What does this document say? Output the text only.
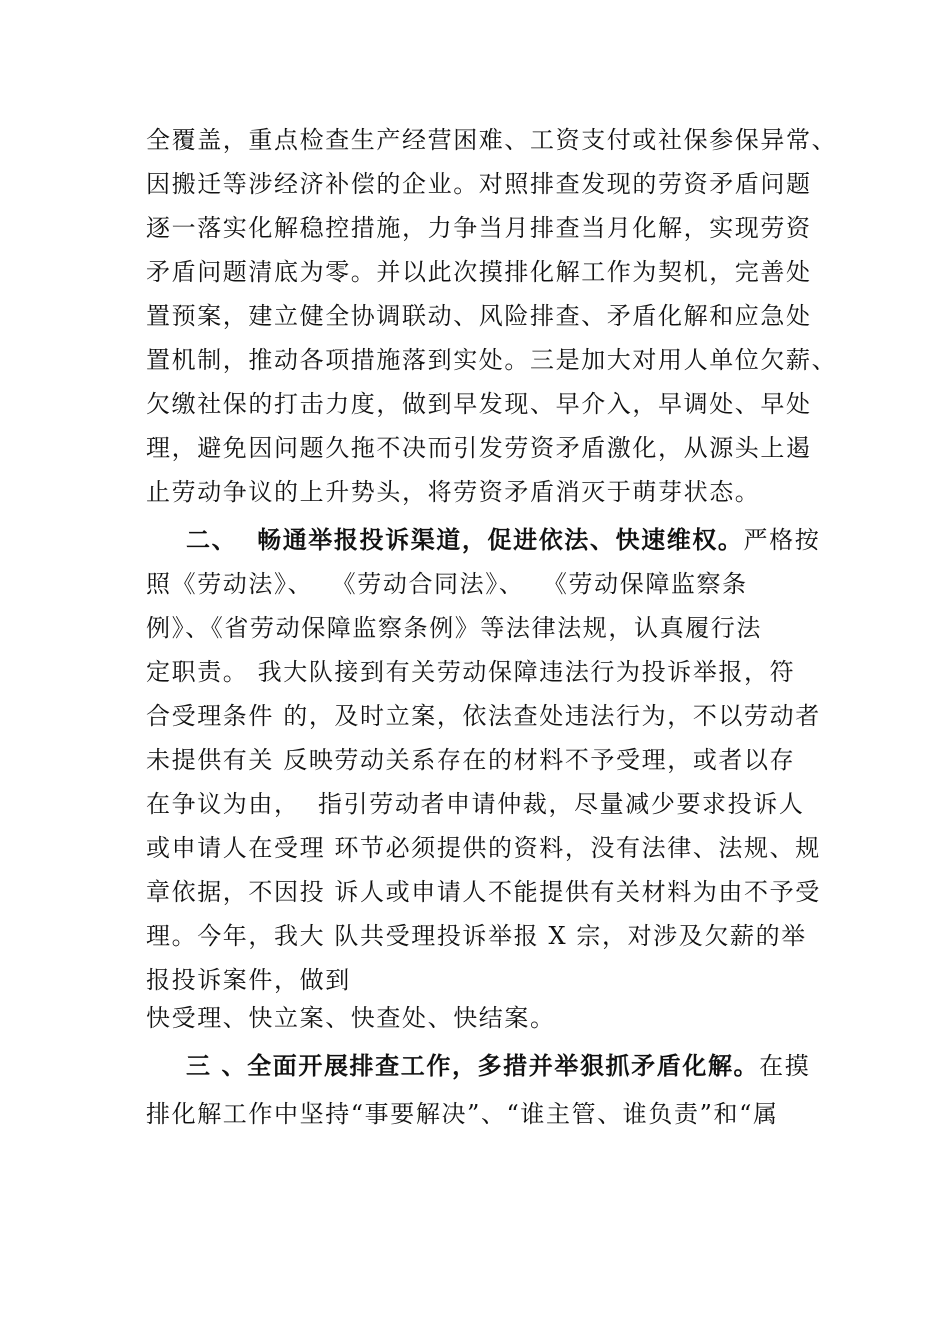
全覆盖，重点检查生产经营困难、工资支付或社保参保异常、

因搬迁等涉经济补偿的企业。对照排查发现的劳资矛盾问题

逐一落实化解稳控措施，力争当月排查当月化解，实现劳资

矛盾问题清底为零。并以此次摸排化解工作为契机，完善处

置预案，建立健全协调联动、风险排查、矛盾化解和应急处

置机制，推动各项措施落到实处。三是加大对用人单位欠薪、

欠缴社保的打击力度，做到早发现、早介入，早调处、早处

理，避免因问题久拖不决而引发劳资矛盾激化，从源头上遏

止劳动争议的上升势头，将劳资矛盾消灭于萌芽状态。

二、  畅通举报投诉渠道，促进依法、快速维权。严格按

照《劳动法》、  《劳动合同法》、  《劳动保障监察条

例》、《省劳动保障监察条例》等法律法规，认真履行法

定职责。 我大队接到有关劳动保障违法行为投诉举报，符

合受理条件 的，及时立案，依法查处违法行为，不以劳动者

未提供有关 反映劳动关系存在的材料不予受理，或者以存

在争议为由，  指引劳动者申请仲裁，尽量减少要求投诉人

或申请人在受理 环节必须提供的资料，没有法律、法规、规

章依据，不因投 诉人或申请人不能提供有关材料为由不予受

理。今年，我大 队共受理投诉举报 X 宗，对涉及欠薪的举

报投诉案件，做到

快受理、快立案、快查处、快结案。

三 、全面开展排查工作，多措并举狠抓矛盾化解。在摸

排化解工作中坚持“事要解决”、“谁主管、谁负责”和“属
